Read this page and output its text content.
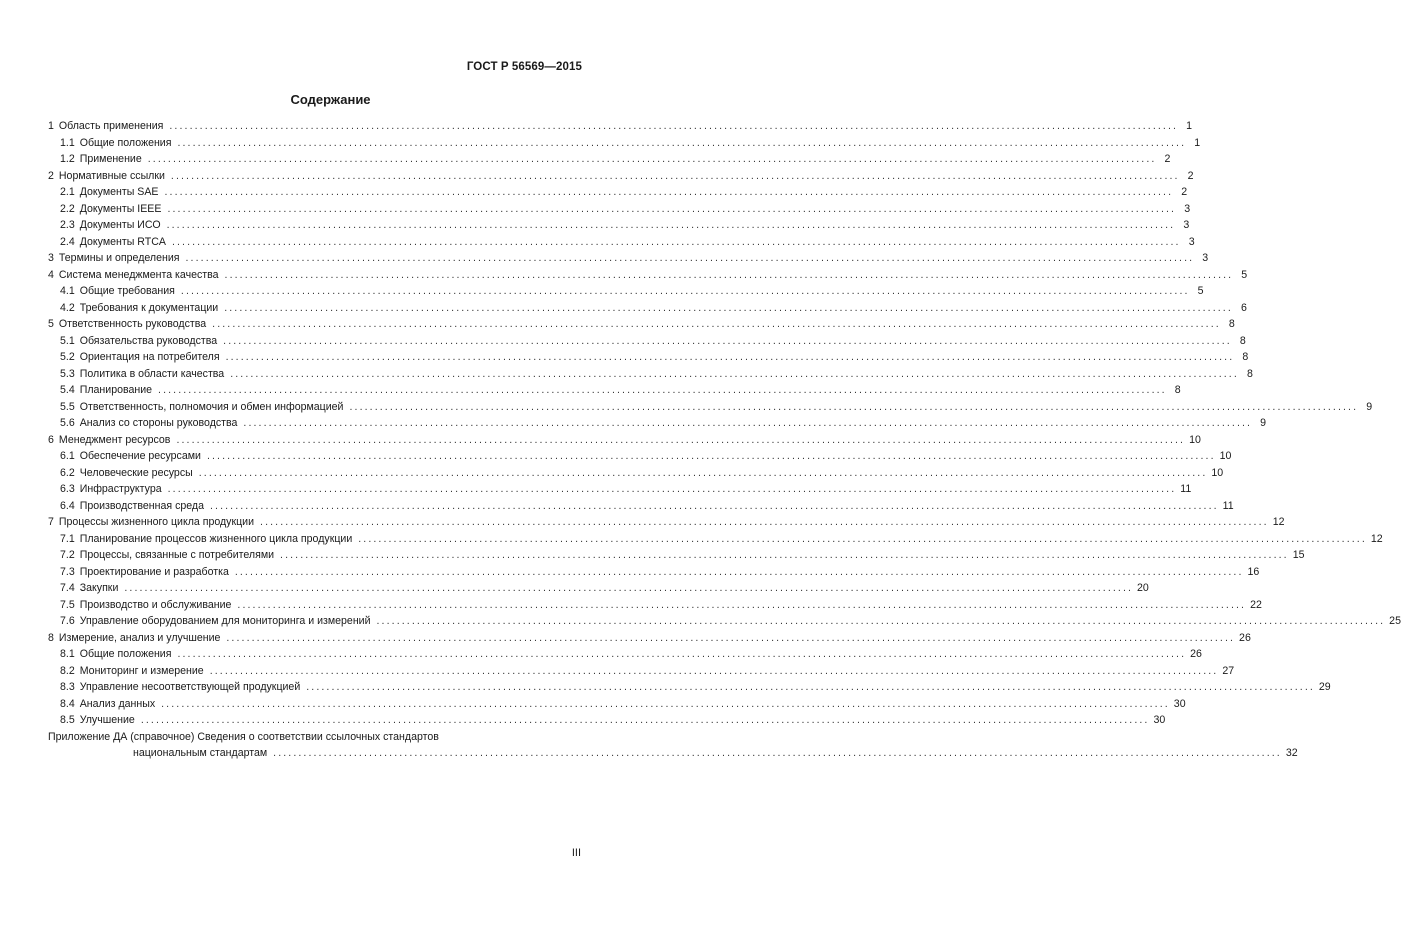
ГОСТ Р 56569—2015
Содержание
1 Область применения ........................................................................................................................................................................................................ 1
1.1 Общие положения ........................................................................................................................................................................................................ 1
1.2 Применение ........................................................................................................................................................................................................ 2
2 Нормативные ссылки ........................................................................................................................................................................................................ 2
2.1 Документы SAE ........................................................................................................................................................................................................ 2
2.2 Документы IEEE ........................................................................................................................................................................................................ 3
2.3 Документы ИСО ........................................................................................................................................................................................................ 3
2.4 Документы RTCA ........................................................................................................................................................................................................ 3
3 Термины и определения ........................................................................................................................................................................................................ 3
4 Система менеджмента качества ........................................................................................................................................................................................................ 5
4.1 Общие требования ........................................................................................................................................................................................................ 5
4.2 Требования к документации ........................................................................................................................................................................................................ 6
5 Ответственность руководства ........................................................................................................................................................................................................ 8
5.1 Обязательства руководства ........................................................................................................................................................................................................ 8
5.2 Ориентация на потребителя ........................................................................................................................................................................................................ 8
5.3 Политика в области качества ........................................................................................................................................................................................................ 8
5.4 Планирование ........................................................................................................................................................................................................ 8
5.5 Ответственность, полномочия и обмен информацией ........................................................................................................................................................................................................ 9
5.6 Анализ со стороны руководства ........................................................................................................................................................................................................ 9
6 Менеджмент ресурсов ........................................................................................................................................................................................................ 10
6.1 Обеспечение ресурсами ........................................................................................................................................................................................................ 10
6.2 Человеческие ресурсы ........................................................................................................................................................................................................ 10
6.3 Инфраструктура ........................................................................................................................................................................................................ 11
6.4 Производственная среда ........................................................................................................................................................................................................ 11
7 Процессы жизненного цикла продукции ........................................................................................................................................................................................................ 12
7.1 Планирование процессов жизненного цикла продукции ........................................................................................................................................................................................................ 12
7.2 Процессы, связанные с потребителями ........................................................................................................................................................................................................ 15
7.3 Проектирование и разработка ........................................................................................................................................................................................................ 16
7.4 Закупки ........................................................................................................................................................................................................ 20
7.5 Производство и обслуживание ........................................................................................................................................................................................................ 22
7.6 Управление оборудованием для мониторинга и измерений ........................................................................................................................................................................................................ 25
8 Измерение, анализ и улучшение ........................................................................................................................................................................................................ 26
8.1 Общие положения ........................................................................................................................................................................................................ 26
8.2 Мониторинг и измерение ........................................................................................................................................................................................................ 27
8.3 Управление несоответствующей продукцией ........................................................................................................................................................................................................ 29
8.4 Анализ данных ........................................................................................................................................................................................................ 30
8.5 Улучшение ........................................................................................................................................................................................................ 30
Приложение ДА (справочное) Сведения о соответствии ссылочных стандартов
национальным стандартам ........................................................................................................................................................................................................ 32
III
